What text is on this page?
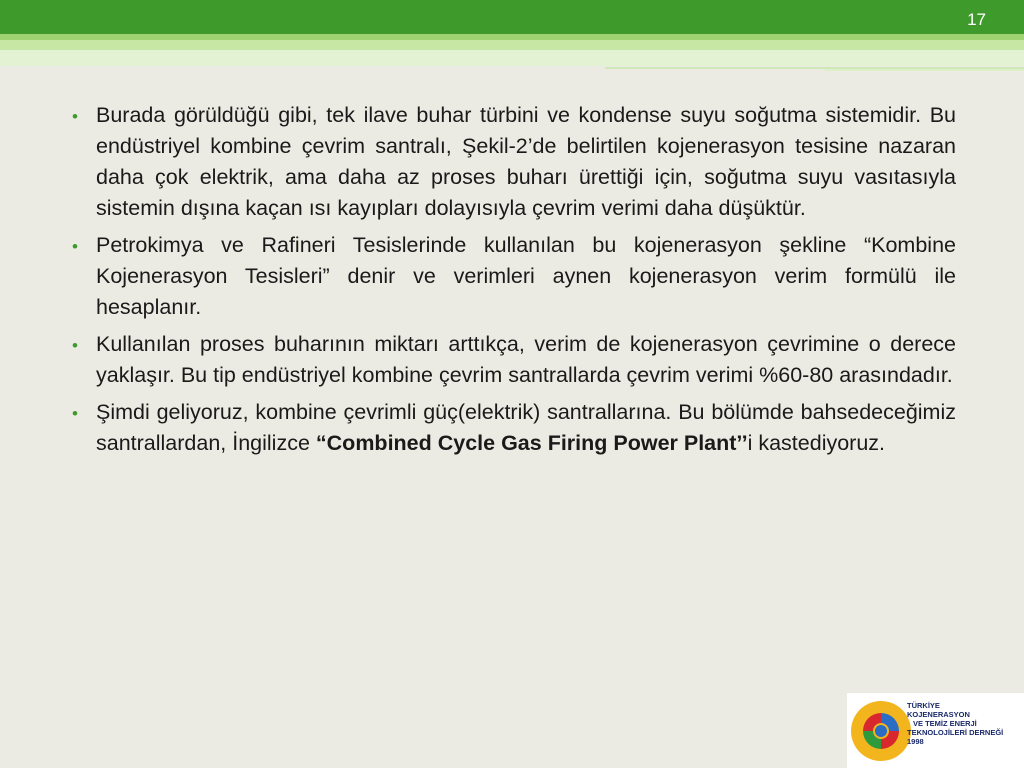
17
• Burada görüldüğü gibi, tek ilave buhar türbini ve kondense suyu soğutma sistemidir. Bu endüstriyel kombine çevrim santralı, Şekil-2’de belirtilen kojenerasyon tesisine nazaran daha çok elektrik, ama daha az proses buharı ürettiği için, soğutma suyu vasıtasıyla sistemin dışına kaçan ısı kayıpları dolayısıyla çevrim verimi daha düşüktür.
• Petrokimya ve Rafineri Tesislerinde kullanılan bu kojenerasyon şekline “Kombine Kojenerasyon Tesisleri” denir ve verimleri aynen kojenerasyon verim formülü ile hesaplanır.
• Kullanılan proses buharının miktarı arttıkça, verim de kojenerasyon çevrimine o derece yaklaşır. Bu tip endüstriyel kombine çevrim santrallarda çevrim verimi %60-80 arasındadır.
• Şimdi geliyoruz, kombine çevrimli güç(elektrik) santrallarına. Bu bölümde bahsedeceğimiz santrallardan, İngilizce “Combined Cycle Gas Firing Power Plant’’i kastediyoruz.
TÜRKİYE
KOJENERASYON
VE TEMİZ ENERJİ
TEKNOLOJİLERİ DERNEĞİ
1998
